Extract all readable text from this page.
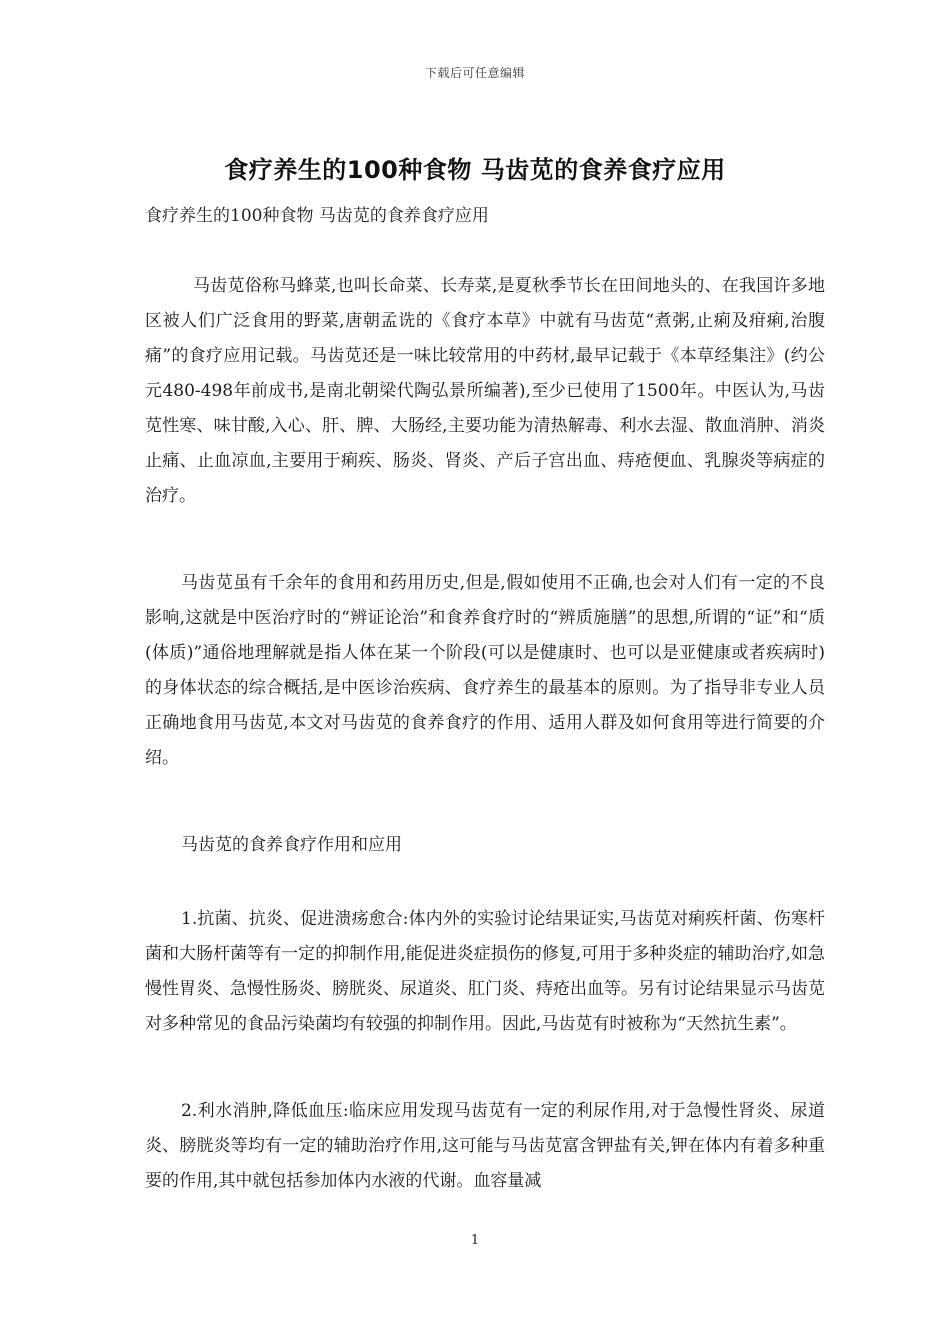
下载后可任意编辑
食疗养生的100种食物 马齿苋的食养食疗应用
食疗养生的100种食物 马齿苋的食养食疗应用

马齿苋俗称马蜂菜,也叫长命菜、长寿菜,是夏秋季节长在田间地头的、在我国许多地区被人们广泛食用的野菜,唐朝孟诜的《食疗本草》中就有马齿苋“煮粥,止痢及疳痢,治腹痛”的食疗应用记载。马齿苋还是一味比较常用的中药材,最早记载于《本草经集注》(约公元480-498年前成书,是南北朝梁代陶弘景所编著),至少已使用了1500年。中医认为,马齿苋性寒、味甘酸,入心、肝、脾、大肠经,主要功能为清热解毒、利水去湿、散血消肿、消炎止痛、止血凉血,主要用于痢疾、肠炎、肾炎、产后子宫出血、痔疮便血、乳腺炎等病症的治疗。

马齿苋虽有千余年的食用和药用历史,但是,假如使用不正确,也会对人们有一定的不良影响,这就是中医治疗时的“辨证论治”和食养食疗时的“辨质施膳”的思想,所谓的“证”和“质(体质)”通俗地理解就是指人体在某一个阶段(可以是健康时、也可以是亚健康或者疾病时)的身体状态的综合概括,是中医诊治疾病、食疗养生的最基本的原则。为了指导非专业人员正确地食用马齿苋,本文对马齿苋的食养食疗的作用、适用人群及如何食用等进行简要的介绍。

马齿苋的食养食疗作用和应用

1.抗菌、抗炎、促进溃疡愈合:体内外的实验讨论结果证实,马齿苋对痢疾杆菌、伤寒杆菌和大肠杆菌等有一定的抑制作用,能促进炎症损伤的修复,可用于多种炎症的辅助治疗,如急慢性胃炎、急慢性肠炎、膀胱炎、尿道炎、肛门炎、痔疮出血等。另有讨论结果显示马齿苋对多种常见的食品污染菌均有较强的抑制作用。因此,马齿苋有时被称为“天然抗生素”。

2.利水消肿,降低血压:临床应用发现马齿苋有一定的利尿作用,对于急慢性肾炎、尿道炎、膀胱炎等均有一定的辅助治疗作用,这可能与马齿苋富含钾盐有关,钾在体内有着多种重要的作用,其中就包括参加体内水液的代谢。血容量减

1
